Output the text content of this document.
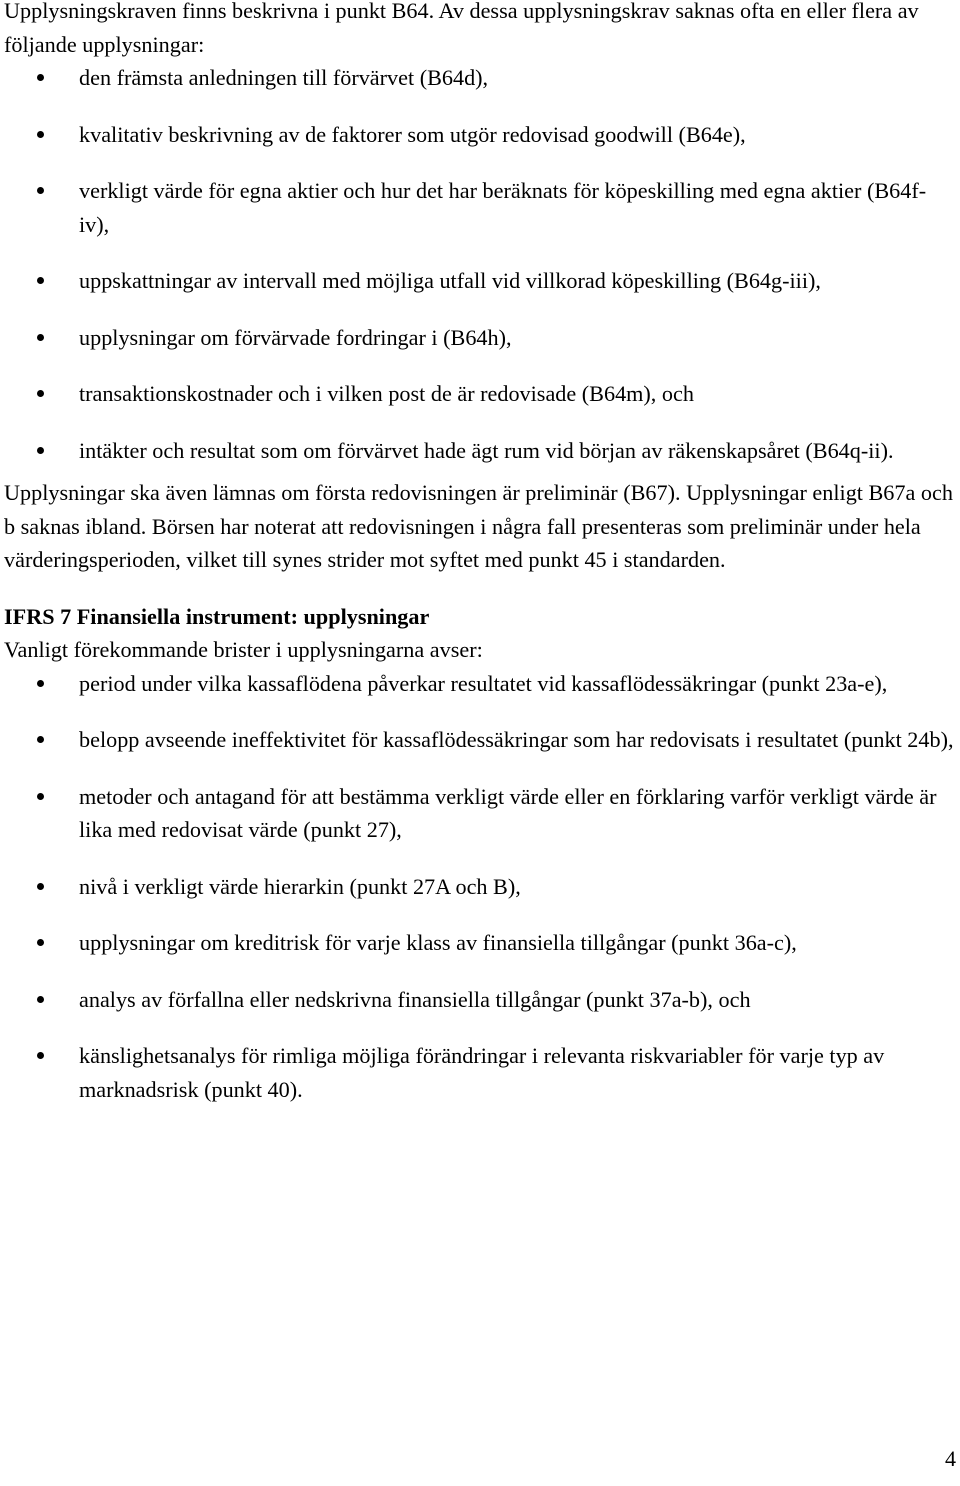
Upplysningskraven finns beskrivna i punkt B64. Av dessa upplysningskrav saknas ofta en eller flera av följande upplysningar:

den främsta anledningen till förvärvet (B64d),
kvalitativ beskrivning av de faktorer som utgör redovisad goodwill (B64e),
verkligt värde för egna aktier och hur det har beräknats för köpeskilling med egna aktier (B64f-iv),
uppskattningar av intervall med möjliga utfall vid villkorad köpeskilling (B64g-iii),
upplysningar om förvärvade fordringar i (B64h),
transaktionskostnader och i vilken post de är redovisade (B64m), och
intäkter och resultat som om förvärvet hade ägt rum vid början av räkenskapsåret (B64q-ii).

Upplysningar ska även lämnas om första redovisningen är preliminär (B67). Upplysningar enligt B67a och b saknas ibland. Börsen har noterat att redovisningen i några fall presenteras som preliminär under hela värderingsperioden, vilket till synes strider mot syftet med punkt 45 i standarden.

IFRS 7 Finansiella instrument: upplysningar

Vanligt förekommande brister i upplysningarna avser:

period under vilka kassaflödena påverkar resultatet vid kassaflödessäkringar (punkt 23a-e),
belopp avseende ineffektivitet för kassaflödessäkringar som har redovisats i resultatet (punkt 24b),
metoder och antagand för att bestämma verkligt värde eller en förklaring varför verkligt värde är lika med redovisat värde (punkt 27),
nivå i verkligt värde hierarkin (punkt 27A och B),
upplysningar om kreditrisk för varje klass av finansiella tillgångar (punkt 36a-c),
analys av förfallna eller nedskrivna finansiella tillgångar (punkt 37a-b), och
känslighetsanalys för rimliga möjliga förändringar i relevanta riskvariabler för varje typ av marknadsrisk (punkt 40).
4
